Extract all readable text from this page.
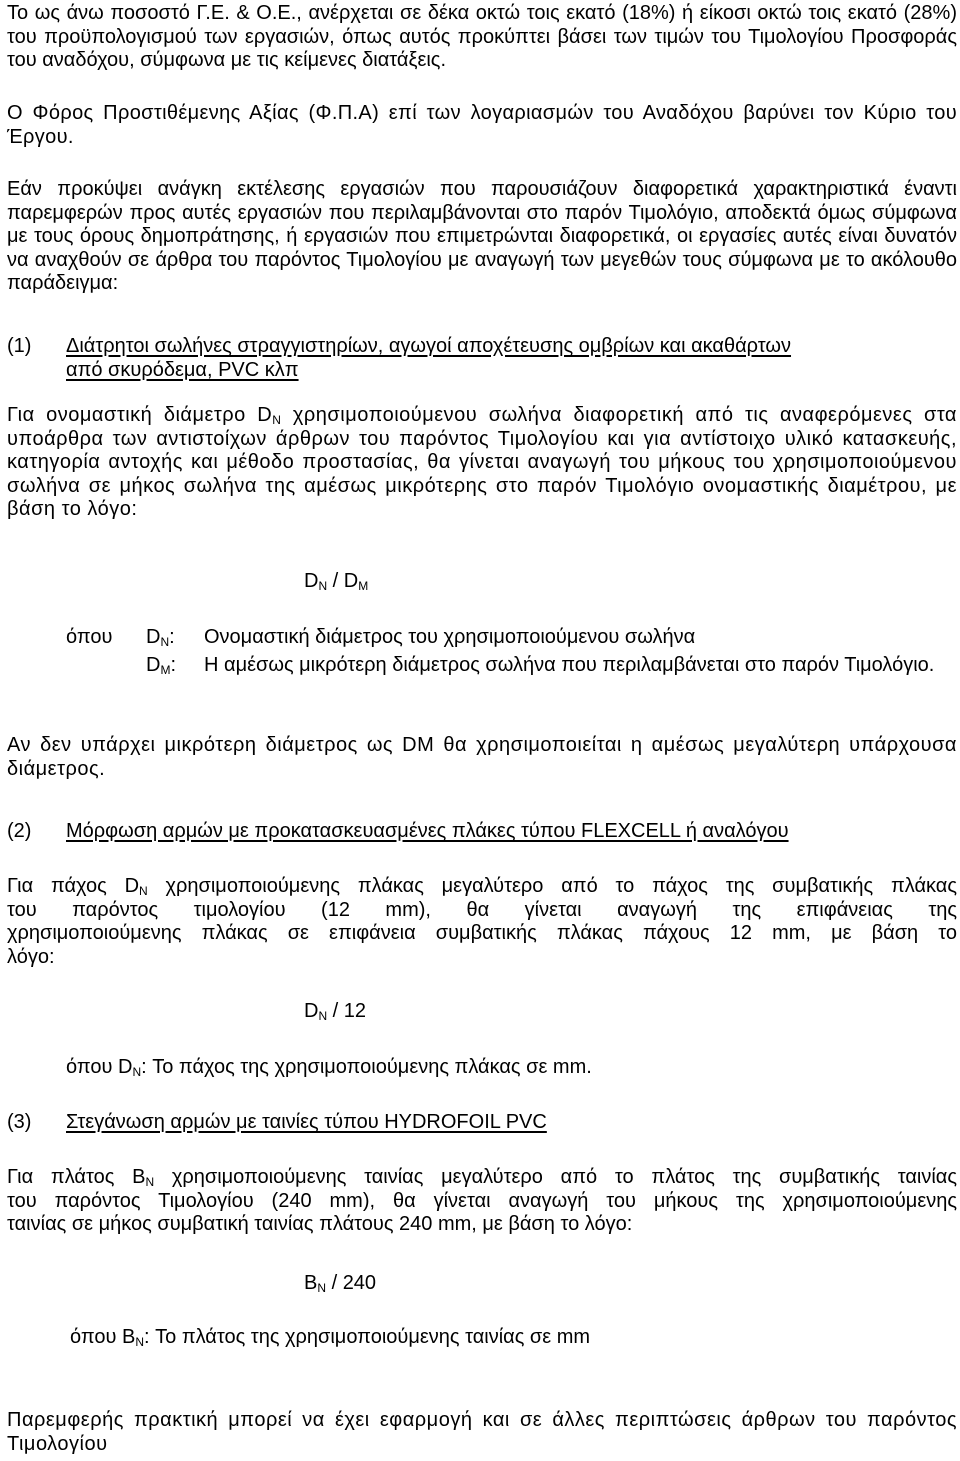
Το ως άνω ποσοστό Γ.Ε. & Ο.Ε., ανέρχεται σε δέκα οκτώ τοις εκατό (18%) ή είκοσι οκτώ τοις εκατό (28%) του προϋπολογισμού των εργασιών, όπως αυτός προκύπτει βάσει των τιμών του Τιμολογίου Προσφοράς του αναδόχου, σύμφωνα με τις κείμενες διατάξεις.

Ο Φόρος Προστιθέμενης Αξίας (Φ.Π.Α) επί των λογαριασμών του Αναδόχου βαρύνει τον Κύριο του Έργου.

Εάν προκύψει ανάγκη εκτέλεσης εργασιών που παρουσιάζουν διαφορετικά χαρακτηριστικά έναντι παρεμφερών προς αυτές εργασιών που περιλαμβάνονται στο παρόν Τιμολόγιο, αποδεκτά όμως σύμφωνα με τους όρους δημοπράτησης, ή εργασιών που επιμετρώνται διαφορετικά, οι εργασίες αυτές είναι δυνατόν να αναχθούν σε άρθρα του παρόντος Τιμολογίου με αναγωγή των μεγεθών τους σύμφωνα με το ακόλουθο παράδειγμα:

(1) Διάτρητοι σωλήνες στραγγιστηρίων, αγωγοί αποχέτευσης ομβρίων και ακαθάρτων
από σκυρόδεμα, PVC κλπ

Για ονομαστική διάμετρο $D_N$ χρησιμοποιούμενου σωλήνα διαφορετική από τις αναφερόμενες στα υποάρθρα των αντιστοίχων άρθρων του παρόντος Τιμολογίου και για αντίστοιχο υλικό κατασκευής, κατηγορία αντοχής και μέθοδο προστασίας, θα γίνεται αναγωγή του μήκους του χρησιμοποιούμενου σωλήνα σε μήκος σωλήνα της αμέσως μικρότερης στο παρόν Τιμολόγιο ονομαστικής διαμέτρου, με βάση το λόγο:

$D_N / D_M$
όπου $D_N$: Ονομαστική διάμετρος του χρησιμοποιούμενου σωλήνα
$D_M$: Η αμέσως μικρότερη διάμετρος σωλήνα που περιλαμβάνεται στο παρόν Τιμολόγιο.

Αν δεν υπάρχει μικρότερη διάμετρος ως DM θα χρησιμοποιείται η αμέσως μεγαλύτερη υπάρχουσα διάμετρος.

(2) Μόρφωση αρμών με προκατασκευασμένες πλάκες τύπου FLEXCELL ή αναλόγου
Για πάχος $D_N$ χρησιμοποιούμενης πλάκας μεγαλύτερο από το πάχος της συμβατικής πλάκας
του παρόντος τιμολογίου (12 mm), θα γίνεται αναγωγή της επιφάνειας της
χρησιμοποιούμενης πλάκας σε επιφάνεια συμβατικής πλάκας πάχους 12 mm, με βάση το
λόγο:
$D_N / 12$
όπου $D_N$: Το πάχος της χρησιμοποιούμενης πλάκας σε mm.
(3) Στεγάνωση αρμών με ταινίες τύπου HYDROFOIL PVC
Για πλάτος $B_N$ χρησιμοποιούμενης ταινίας μεγαλύτερο από το πλάτος της συμβατικής ταινίας
του παρόντος Τιμολογίου (240 mm), θα γίνεται αναγωγή του μήκους της χρησιμοποιούμενης
ταινίας σε μήκος συμβατική ταινίας πλάτους 240 mm, με βάση το λόγο:
$B_N / 240$
όπου $B_N$: Το πλάτος της χρησιμοποιούμενης ταινίας σε mm

Παρεμφερής πρακτική μπορεί να έχει εφαρμογή και σε άλλες περιπτώσεις άρθρων του παρόντος Τιμολογίου
